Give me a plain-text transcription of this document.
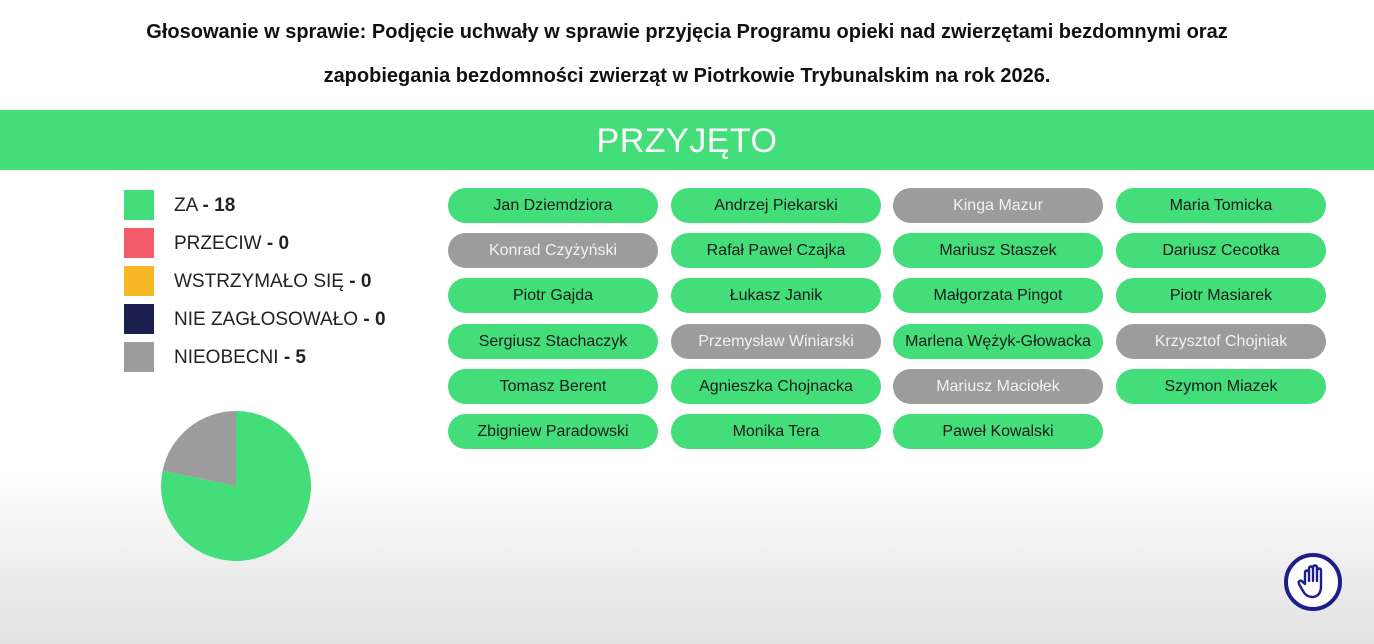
Głosowanie w sprawie: Podjęcie uchwały w sprawie przyjęcia Programu opieki nad zwierzętami bezdomnymi oraz
zapobiegania bezdomności zwierząt w Piotrkowie Trybunalskim na rok 2026.
PRZYJĘTO
ZA - 18
PRZECIW - 0
WSTRZYMAŁO SIĘ - 0
NIE ZAGŁOSOWAŁO - 0
NIEOBECNI - 5
Jan Dziemdziora	Andrzej Piekarski	Kinga Mazur	Maria Tomicka
Konrad Czyżyński	Rafał Paweł Czajka	Mariusz Staszek	Dariusz Cecotka
Piotr Gajda	Łukasz Janik	Małgorzata Pingot	Piotr Masiarek
Sergiusz Stachaczyk	Przemysław Winiarski	Marlena Wężyk-Głowacka	Krzysztof Chojniak
Tomasz Berent	Agnieszka Chojnacka	Mariusz Maciołek	Szymon Miazek
Zbigniew Paradowski	Monika Tera	Paweł Kowalski
